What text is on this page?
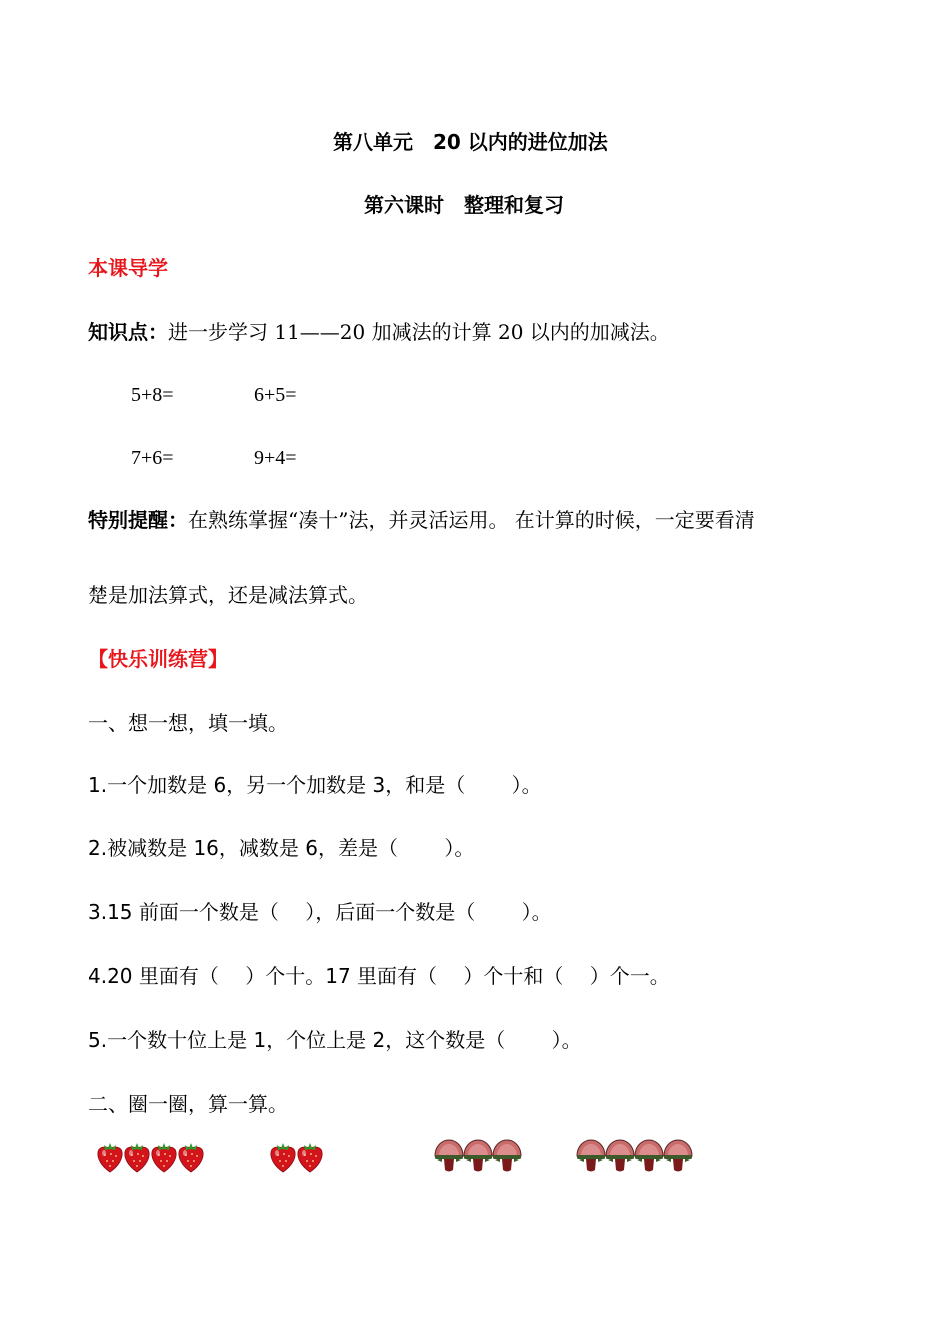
第八单元　20 以内的进位加法
第六课时　整理和复习
本课导学
知识点：进一步学习 11——20 加减法的计算 20 以内的加减法。
5+8=	6+5=
7+6=	9+4=
特别提醒：在熟练掌握“凑十”法，并灵活运用。 在计算的时候，一定要看清
楚是加法算式，还是减法算式。
【快乐训练营】
一、想一想，填一填。
1.一个加数是 6，另一个加数是 3，和是（　　 ）。
2.被减数是 16，减数是 6，差是（　　 ）。
3.15 前面一个数是（　 ），后面一个数是（　　 ）。
4.20 里面有（　 ）个十。17 里面有（　 ）个十和（　 ）个一。
5.一个数十位上是 1，个位上是 2，这个数是（　　 ）。
二、圈一圈，算一算。
